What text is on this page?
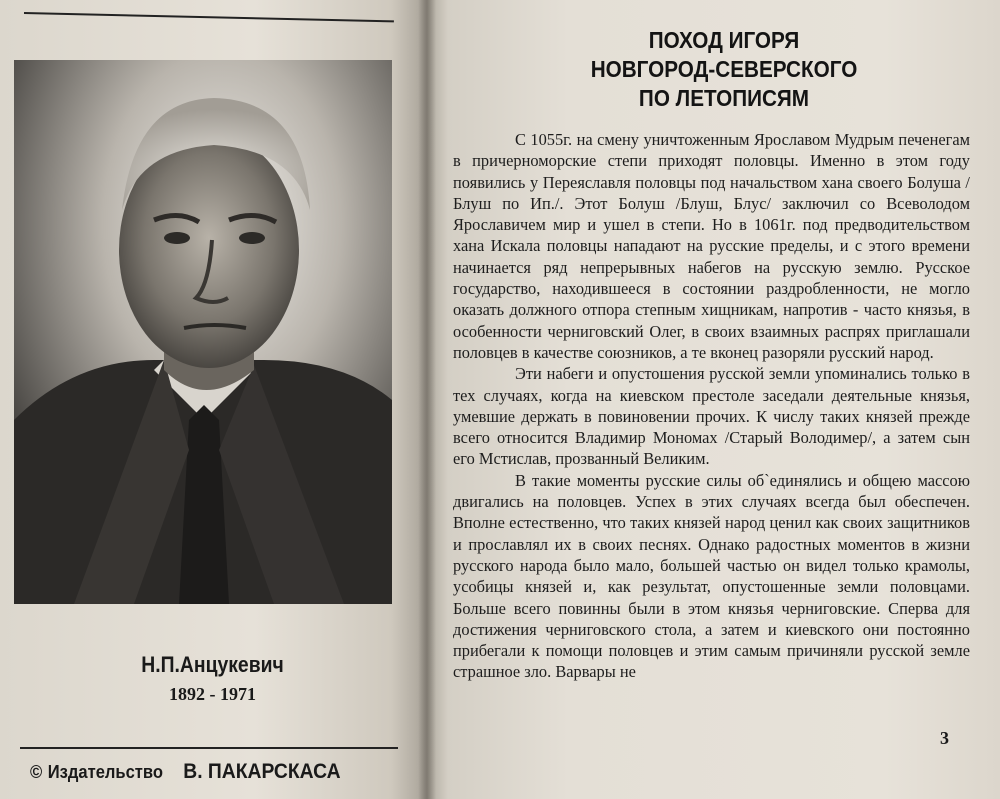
Н.П.Анцукевич
1892 - 1971
© Издательство В. ПАКАРСКАСА
ПОХОД ИГОРЯ
НОВГОРОД-СЕВЕРСКОГО
ПО ЛЕТОПИСЯМ

С 1055г. на смену уничтоженным Ярославом Мудрым печенегам в причерноморские степи приходят половцы. Именно в этом году появились у Переяславля половцы под начальством хана своего Болуша /Блуш по Ип./. Этот Болуш /Блуш, Блус/ заключил со Всеволодом Ярославичем мир и ушел в степи. Но в 1061г. под предводительством хана Искала половцы нападают на русские пределы, и с этого времени начинается ряд непрерывных набегов на русскую землю. Русское государство, находившееся в состоянии раздробленности, не могло оказать должного отпора степным хищникам, напротив - часто князья, в особенности черниговский Олег, в своих взаимных распрях приглашали половцев в качестве союзников, а те вконец разоряли русский народ.

Эти набеги и опустошения русской земли упоминались только в тех случаях, когда на киевском престоле заседали деятельные князья, умевшие держать в повиновении прочих. К числу таких князей прежде всего относится Владимир Мономах /Старый Володимер/, а затем сын его Мстислав, прозванный Великим.

В такие моменты русские силы об`единялись и общею массою двигались на половцев. Успех в этих случаях всегда был обеспечен. Вполне естественно, что таких князей народ ценил как своих защитников и прославлял их в своих песнях. Однако радостных моментов в жизни русского народа было мало, большей частью он видел только крамолы, усобицы князей и, как результат, опустошенные земли половцами. Больше всего повинны были в этом князья черниговские. Сперва для достижения черниговского стола, а затем и киевского они постоянно прибегали к помощи половцев и этим самым причиняли русской земле страшное зло. Варвары не

3
